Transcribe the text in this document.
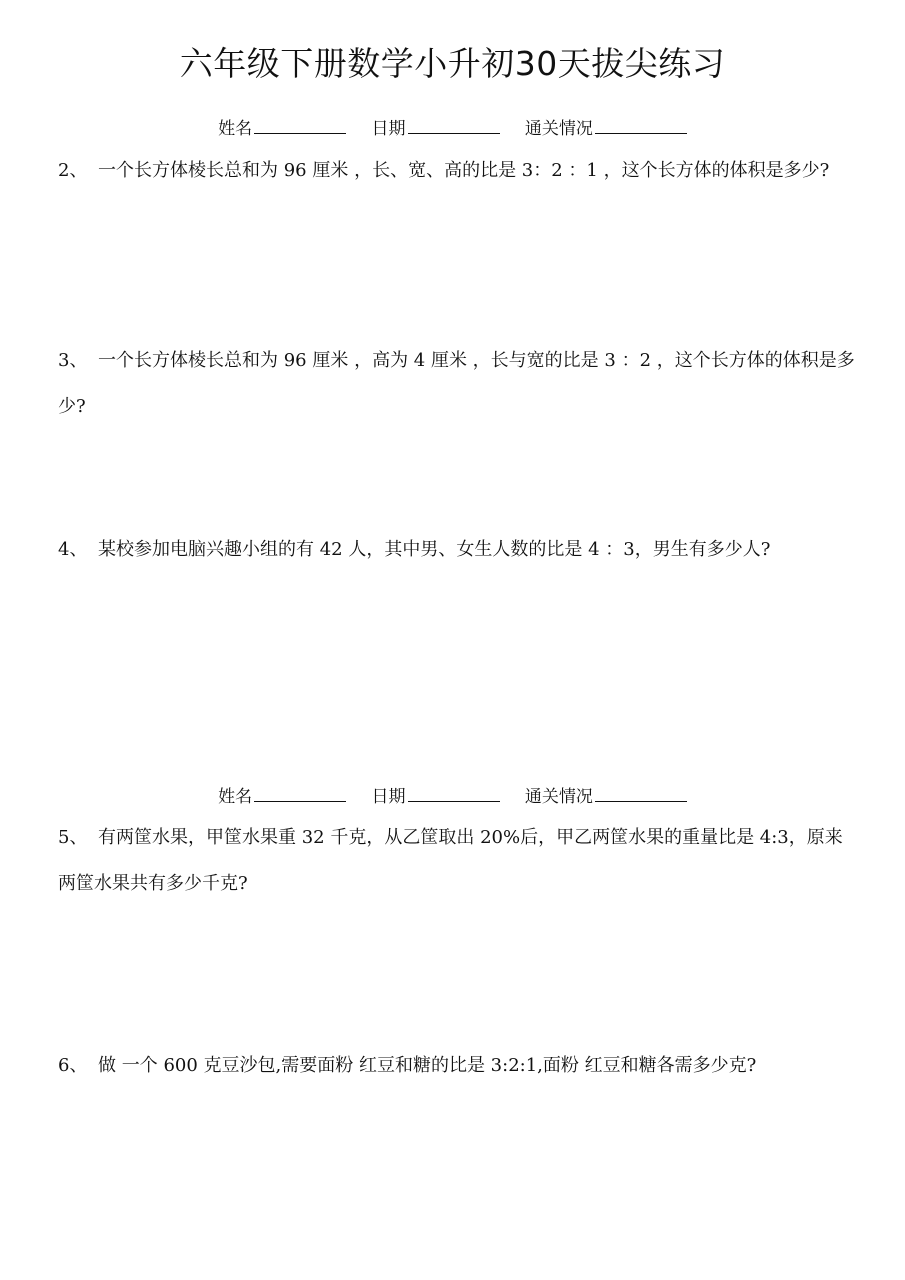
六年级下册数学小升初30天拔尖练习
姓名	日期	通关情况
2、 一个长方体棱长总和为 96 厘米 ，长、宽、高的比是 3：2 ：1 ，这个长方体的体积是多少?
3、 一个长方体棱长总和为 96 厘米 ，高为 4 厘米 ，长与宽的比是 3 ：2 ，这个长方体的体积是多少?
4、 某校参加电脑兴趣小组的有 42 人，其中男、女生人数的比是 4 ：3，男生有多少人?
姓名	日期	通关情况
5、 有两筐水果，甲筐水果重 32 千克，从乙筐取出 20%后，甲乙两筐水果的重量比是 4:3，原来两筐水果共有多少千克?
6、 做 一个 600 克豆沙包,需要面粉 红豆和糖的比是 3:2:1,面粉 红豆和糖各需多少克?
